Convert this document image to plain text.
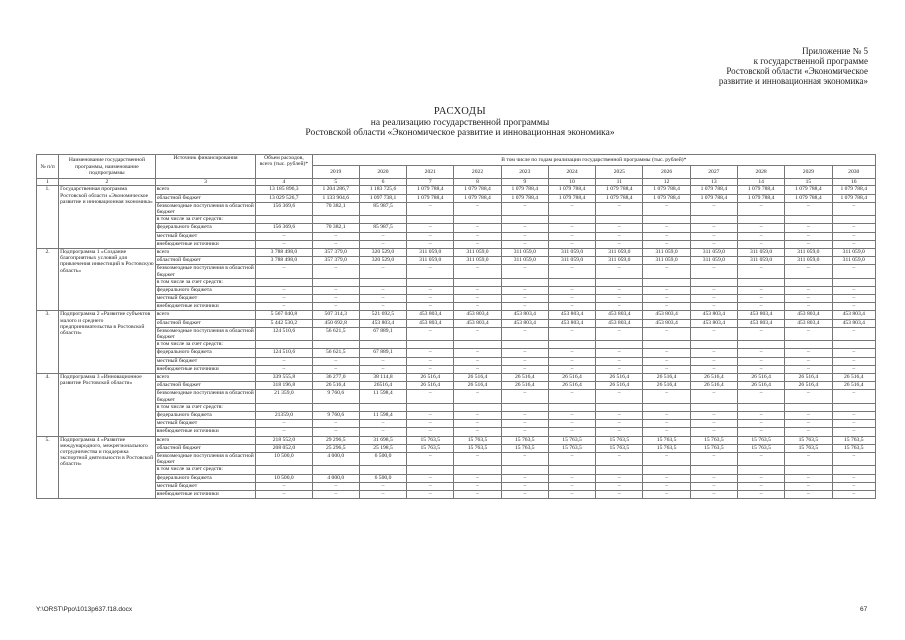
Приложение № 5
к государственной программе
Ростовской области «Экономическое
развитие и инновационная экономика»
РАСХОДЫ
на реализацию государственной программы
Ростовской области «Экономическое развитие и инновационная экономика»
№ п/п	Наименование государственной программы, наименование подпрограммы	Источник финансирования	Объем расходов, всего (тыс. рублей)*	В том числе по годам реализации государственной программы (тыс. рублей)*											
				2019	2020	2021	2022	2023	2024	2025	2026	2027	2028	2029	2030
1	2	3	4	5	6	7	8	9	10	11	12	13	14	15	16
1.	Государственная программа Ростовской области «Экономическое развитие и инновационная экономика»	всего	13 185 896,3	1 204 286,7	1 183 725,6	1 079 788,4	1 079 788,4	1 079 788,4	1 079 788,4	1 079 788,4	1 079 788,4	1 079 788,4	1 079 788,4	1 079 788,4	1 079 788,4
		областной бюджет	13 029 526,7	1 133 904,6	1 097 738,1	1 079 788,4	1 079 788,4	1 079 788,4	1 079 788,4	1 079 788,4	1 079 788,4	1 079 788,4	1 079 788,4	1 079 788,4	1 079 788,4
		безвозмездные поступления в областной бюджет	156 369,6	70 382,1	85 987,5	–	–	–	–	–	–	–	–	–	–
		в том числе за счет средств:													
		федерального бюджета	156 369,6	70 382,1	85 987,5	–	–	–	–	–	–	–	–	–	–
		местный бюджет	–	–	–	–	–	–	–	–	–	–	–	–	–
		внебюджетные источники	–	–	–	–	–	–	–	–	–	–	–	–	–
2.	Подпрограмма 1 «Создание благоприятных условий для привлечения инвестиций в Ростовскую область»	всего	3 788 498,0	357 379,0	320 529,0	311 059,0	311 059,0	311 059,0	311 059,0	311 059,0	311 059,0	311 059,0	311 059,0	311 059,0	311 059,0
		областной бюджет	3 788 498,0	357 379,0	320 529,0	311 059,0	311 059,0	311 059,0	311 059,0	311 059,0	311 059,0	311 059,0	311 059,0	311 059,0	311 059,0
		безвозмездные поступления в областной бюджет	–	–	–	–	–	–	–	–	–	–	–	–	–
		в том числе за счет средств:													
		федерального бюджета	–	–	–	–	–	–	–	–	–	–	–	–	–
		местный бюджет	–	–	–	–	–	–	–	–	–	–	–	–	–
		внебюджетные источники	–	–	–	–	–	–	–	–	–	–	–	–	–
3.	Подпрограмма 2 «Развитие субъектов малого и среднего предпринимательства в Ростовской области»	всего	5 567 040,8	507 314,3	521 692,5	453 803,4	453 803,4	453 803,4	453 803,4	453 803,4	453 803,4	453 803,4	453 803,4	453 803,4	453 803,4
		областной бюджет	5 442 530,2	450 692,8	453 803,4	453 803,4	453 803,4	453 803,4	453 803,4	453 803,4	453 803,4	453 803,4	453 803,4	453 803,4	453 803,4
		безвозмездные поступления в областной бюджет	124 510,6	56 621,5	67 889,1	–	–	–	–	–	–	–	–	–	–
		в том числе за счет средств:													
		федерального бюджета	124 510,6	56 621,5	67 889,1	–	–	–	–	–	–	–	–	–	–
		местный бюджет	–	–	–	–	–	–	–	–	–	–	–	–	–
		внебюджетные источники	–	–	–	–	–	–	–	–	–	–	–	–	–
4.	Подпрограмма 3 «Инновационное развитие Ростовской области»	всего	339 555,8	36 277,0	38 114,8	26 516,4	26 516,4	26 516,4	26 516,4	26 516,4	26 516,4	26 516,4	26 516,4	26 516,4	26 516,4
		областной бюджет	318 196,8	26 516,4	26516,4	26 516,4	26 516,4	26 516,4	26 516,4	26 516,4	26 516,4	26 516,4	26 516,4	26 516,4	26 516,4
		безвозмездные поступления в областной бюджет	21 359,0	9 760,6	11 598,4	–	–	–	–	–	–	–	–	–	–
		в том числе за счет средств:													
		федерального бюджета	21359,0	9 760,6	11 598,4	–	–	–	–	–	–	–	–	–	–
		местный бюджет	–	–	–	–	–	–	–	–	–	–	–	–	–
		внебюджетные источники	–	–	–	–	–	–	–	–	–	–	–	–	–
5.	Подпрограмма 4 «Развитие международного, межрегионального сотрудничества и поддержка экспортной деятельности в Ростовской области»	всего	218 552,0	29 296,5	31 698,5	15 763,5	15 763,5	15 763,5	15 763,5	15 763,5	15 763,5	15 763,5	15 763,5	15 763,5	15 763,5
		областной бюджет	208 052,0	25 296,5	25 198,5	15 763,5	15 763,5	15 763,5	15 763,5	15 763,5	15 763,5	15 763,5	15 763,5	15 763,5	15 763,5
		безвозмездные поступления в областной бюджет	10 500,0	4 000,0	6 500,0	–	–	–	–	–	–	–	–	–	–
		в том числе за счет средств:													
		федерального бюджета	10 500,0	4 000,0	6 500,0	–	–	–	–	–	–	–	–	–	–
		местный бюджет	–	–	–	–	–	–	–	–	–	–	–	–	–
		внебюджетные источники	–	–	–	–	–	–	–	–	–	–	–	–	–
Y:\ORST\Ppo\1013p637.f18.docx	67
